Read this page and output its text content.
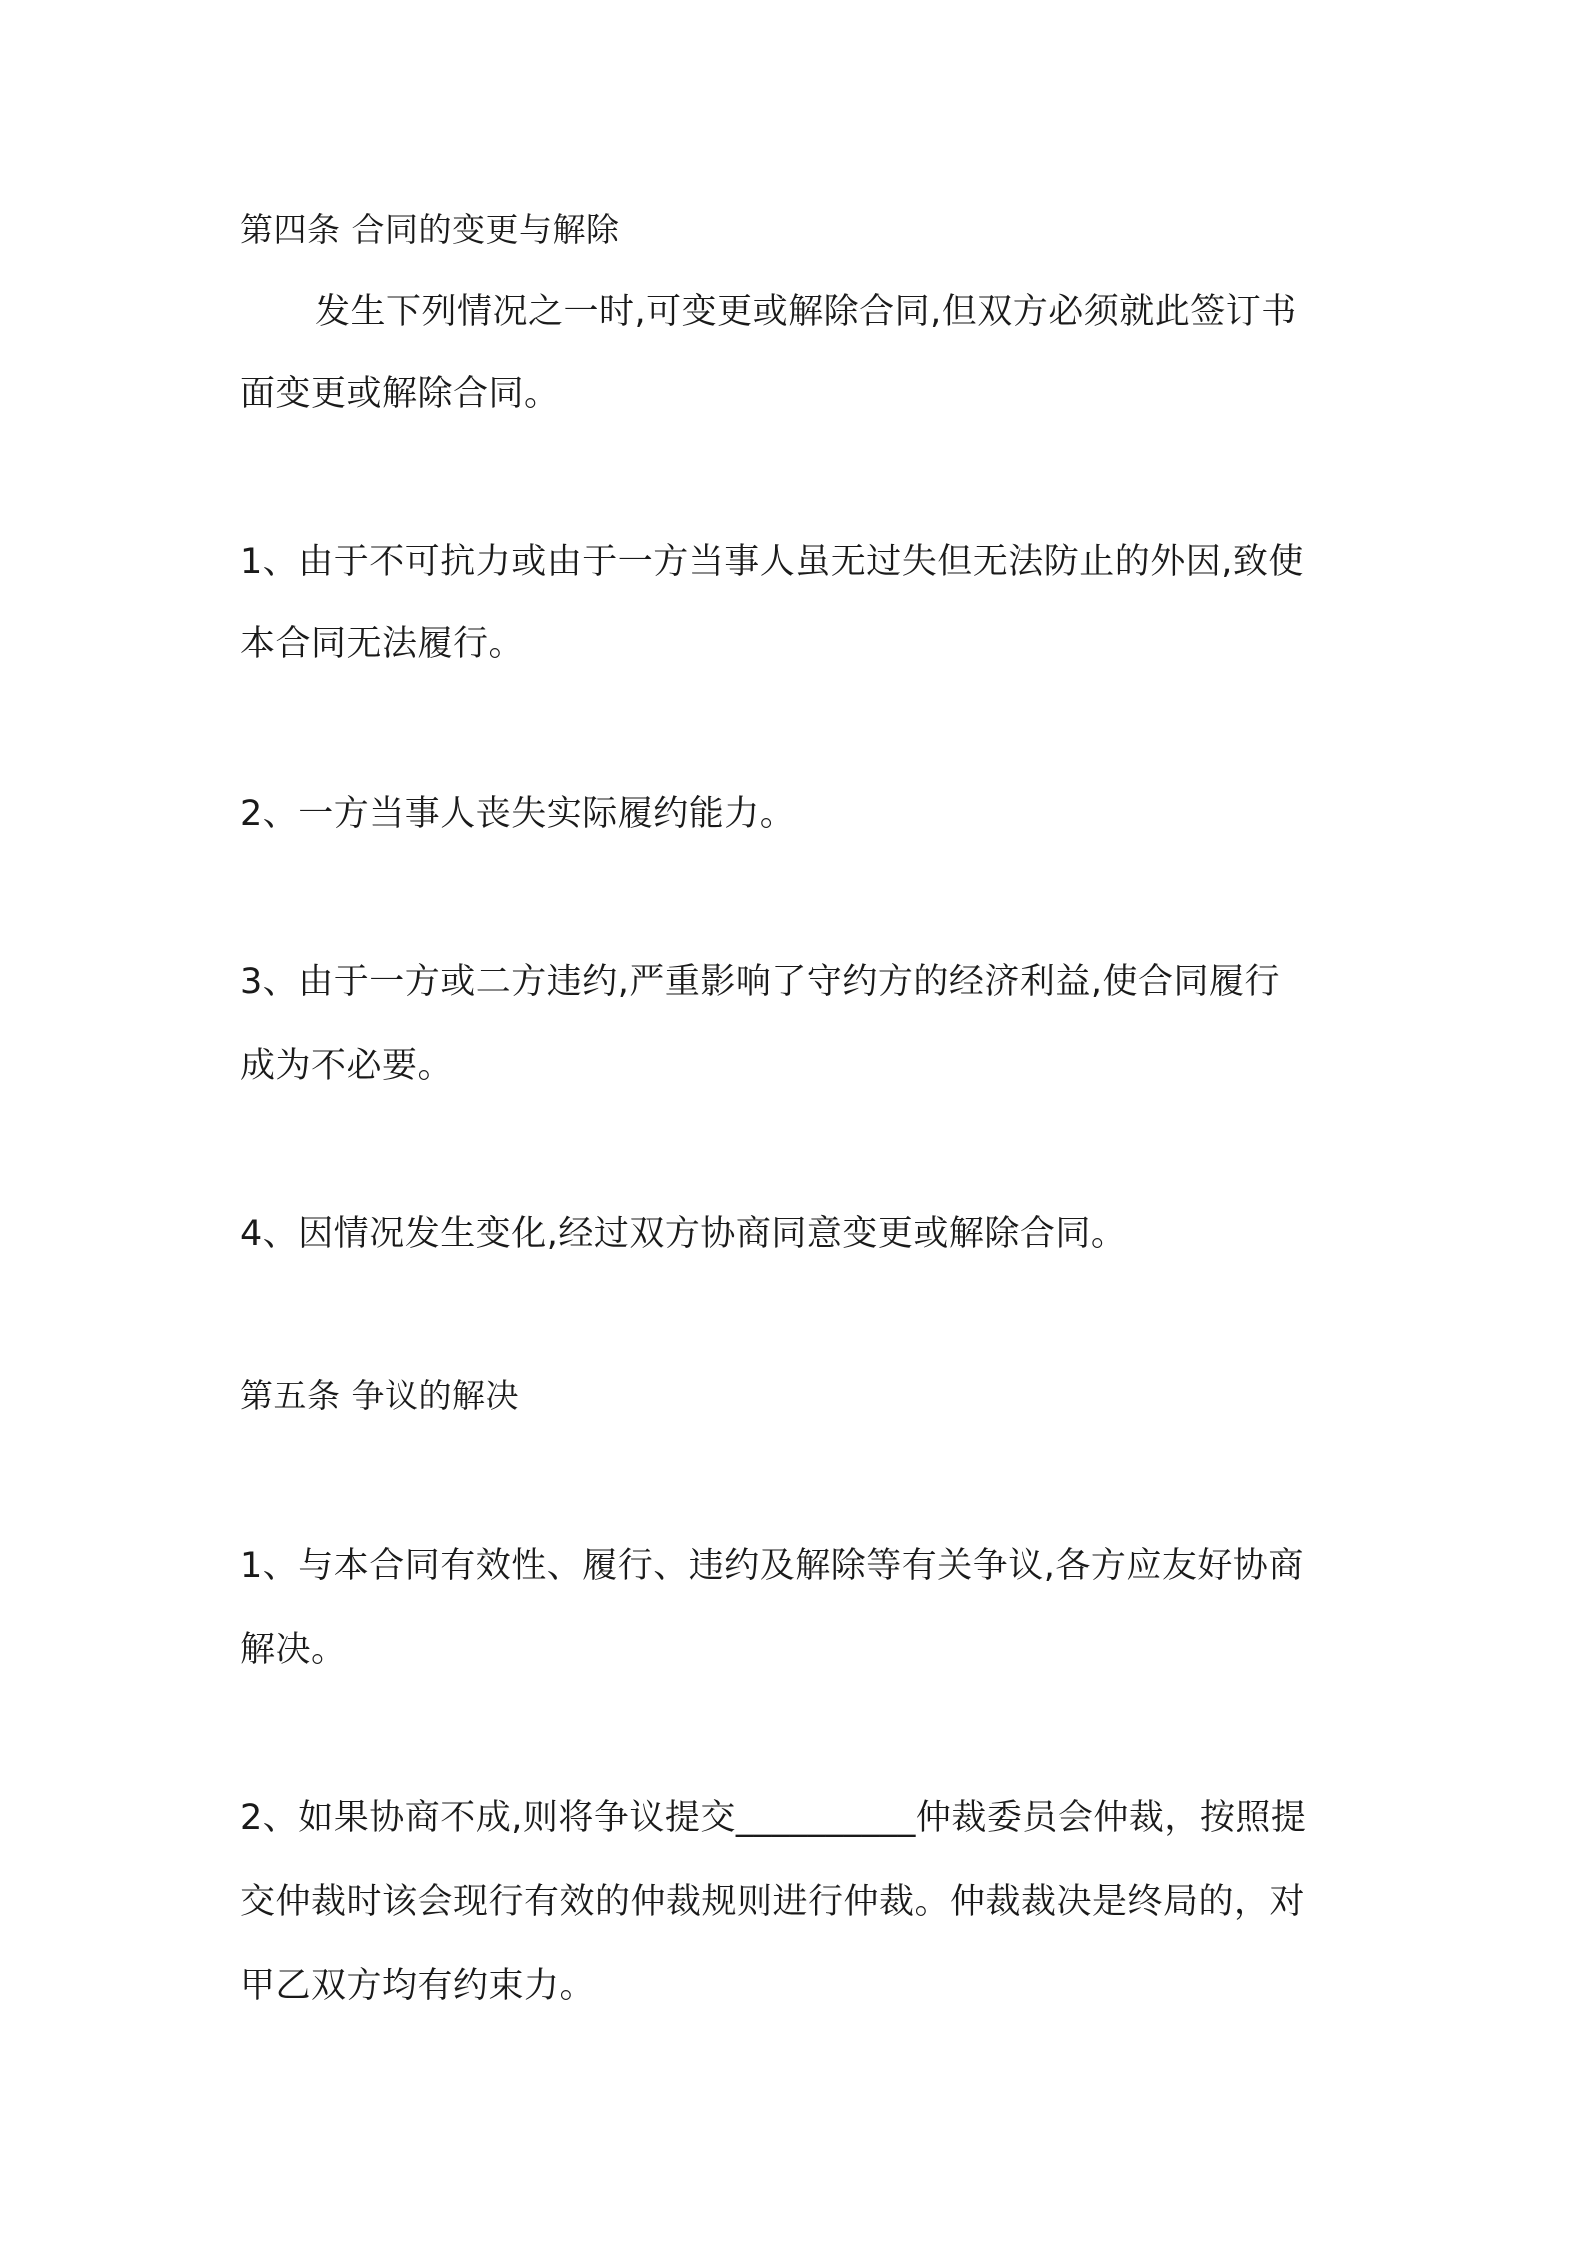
第四条 合同的变更与解除
发生下列情况之一时,可变更或解除合同,但双方必须就此签订书
面变更或解除合同。
1、由于不可抗力或由于一方当事人虽无过失但无法防止的外因,致使
本合同无法履行。
2、一方当事人丧失实际履约能力。
3、由于一方或二方违约,严重影响了守约方的经济利益,使合同履行
成为不必要。
4、因情况发生变化,经过双方协商同意变更或解除合同。
第五条 争议的解决
1、与本合同有效性、履行、违约及解除等有关争议,各方应友好协商
解决。
2、如果协商不成,则将争议提交__________仲裁委员会仲裁，按照提
交仲裁时该会现行有效的仲裁规则进行仲裁。仲裁裁决是终局的，对
甲乙双方均有约束力。
